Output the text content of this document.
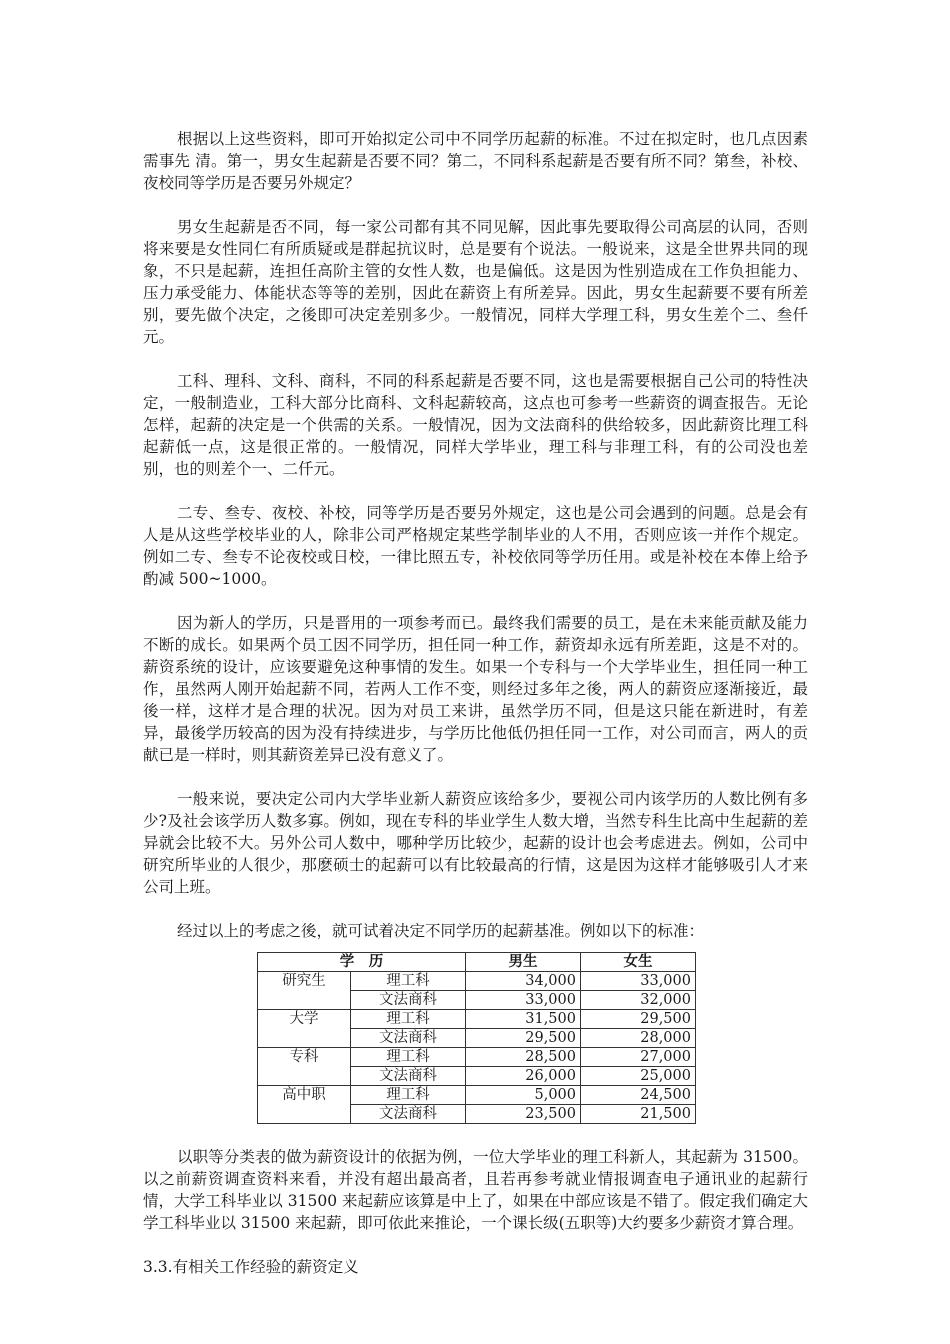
根据以上这些资料，即可开始拟定公司中不同学历起薪的标准。不过在拟定时，也几点因素需事先 清。第一，男女生起薪是否要不同？第二，不同科系起薪是否要有所不同？第叁，补校、夜校同等学历是否要另外规定？

男女生起薪是否不同，每一家公司都有其不同见解，因此事先要取得公司高层的认同，否则将来要是女性同仁有所质疑或是群起抗议时，总是要有个说法。一般说来，这是全世界共同的现象，不只是起薪，连担任高阶主管的女性人数，也是偏低。这是因为性别造成在工作负担能力、压力承受能力、体能状态等等的差别，因此在薪资上有所差异。因此，男女生起薪要不要有所差别，要先做个决定，之後即可决定差别多少。一般情况，同样大学理工科，男女生差个二、叁仟元。

工科、理科、文科、商科，不同的科系起薪是否要不同，这也是需要根据自己公司的特性决定，一般制造业，工科大部分比商科、文科起薪较高，这点也可参考一些薪资的调查报告。无论怎样，起薪的决定是一个供需的关系。一般情况，因为文法商科的供给较多，因此薪资比理工科起薪低一点，这是很正常的。一般情况，同样大学毕业，理工科与非理工科，有的公司没也差别，也的则差个一、二仟元。

二专、叁专、夜校、补校，同等学历是否要另外规定，这也是公司会遇到的问题。总是会有人是从这些学校毕业的人，除非公司严格规定某些学制毕业的人不用，否则应该一并作个规定。例如二专、叁专不论夜校或日校，一律比照五专，补校依同等学历任用。或是补校在本俸上给予酌减 500~1000。

因为新人的学历，只是晋用的一项参考而已。最终我们需要的员工，是在未来能贡献及能力不断的成长。如果两个员工因不同学历，担任同一种工作，薪资却永远有所差距，这是不对的。薪资系统的设计，应该要避免这种事情的发生。如果一个专科与一个大学毕业生，担任同一种工作，虽然两人刚开始起薪不同，若两人工作不变，则经过多年之後，两人的薪资应逐渐接近，最後一样，这样才是合理的状况。因为对员工来讲，虽然学历不同，但是这只能在新进时，有差异，最後学历较高的因为没有持续进步，与学历比他低仍担任同一工作，对公司而言，两人的贡献已是一样时，则其薪资差异已没有意义了。

一般来说，要决定公司内大学毕业新人薪资应该给多少，要视公司内该学历的人数比例有多少?及社会该学历人数多寡。例如，现在专科的毕业学生人数大增，当然专科生比高中生起薪的差异就会比较不大。另外公司人数中，哪种学历比较少，起薪的设计也会考虑进去。例如，公司中研究所毕业的人很少，那麽硕士的起薪可以有比较最高的行情，这是因为这样才能够吸引人才来公司上班。

经过以上的考虑之後，就可试着决定不同学历的起薪基准。例如以下的标准：

学　历		男生	女生
研究生	理工科	34,000	33,000
	文法商科	33,000	32,000
大学	理工科	31,500	29,500
	文法商科	29,500	28,000
专科	理工科	28,500	27,000
	文法商科	26,000	25,000
高中职	理工科	5,000	24,500
	文法商科	23,500	21,500

以职等分类表的做为薪资设计的依据为例，一位大学毕业的理工科新人，其起薪为 31500。以之前薪资调查资料来看，并没有超出最高者，且若再参考就业情报调查电子通讯业的起薪行情，大学工科毕业以 31500 来起薪应该算是中上了，如果在中部应该是不错了。假定我们确定大学工科毕业以 31500 来起薪，即可依此来推论，一个课长级(五职等)大约要多少薪资才算合理。

3.3.有相关工作经验的薪资定义
